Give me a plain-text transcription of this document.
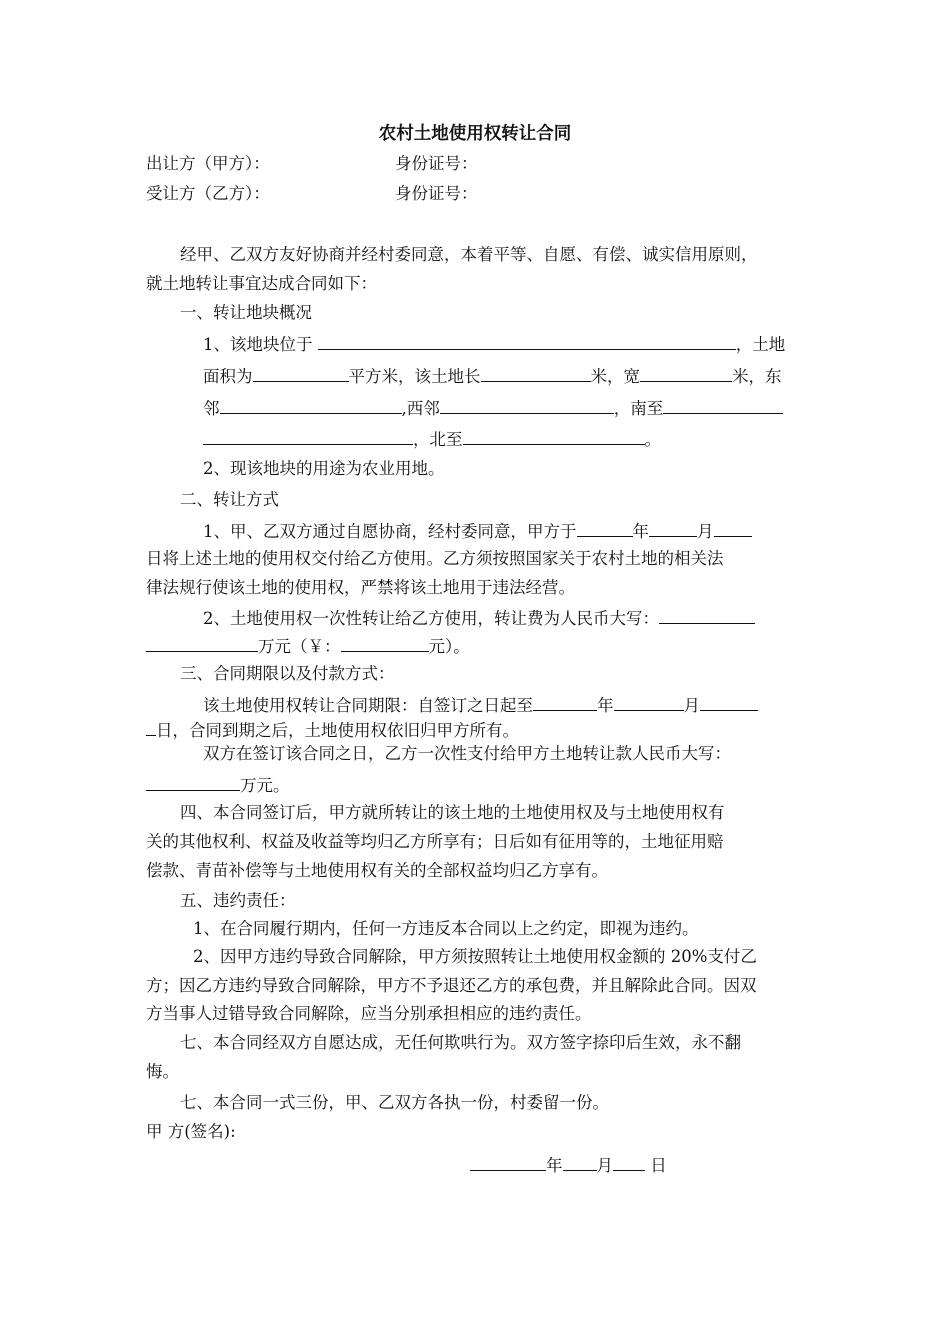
农村土地使用权转让合同
出让方（甲方）：	身份证号：
受让方（乙方）：	身份证号：
经甲、乙双方友好协商并经村委同意，本着平等、自愿、有偿、诚实信用原则，
就土地转让事宜达成合同如下：
一、转让地块概况
1、该地块位于	，土地
面积为	平方米，该土地长	米，宽	米，东
邻	,西邻	，南至
，北至	。
2、现该地块的用途为农业用地。
二、转让方式
1、甲、乙双方通过自愿协商，经村委同意，甲方于	年	月
日将上述土地的使用权交付给乙方使用。乙方须按照国家关于农村土地的相关法
律法规行使该土地的使用权，严禁将该土地用于违法经营。
2、土地使用权一次性转让给乙方使用，转让费为人民币大写：
万元（￥：	元）。
三、合同期限以及付款方式：
该土地使用权转让合同期限：自签订之日起至	年	月
日，合同到期之后，土地使用权依旧归甲方所有。
双方在签订该合同之日，乙方一次性支付给甲方土地转让款人民币大写：
万元。
四、本合同签订后，甲方就所转让的该土地的土地使用权及与土地使用权有
关的其他权利、权益及收益等均归乙方所享有；日后如有征用等的，土地征用赔
偿款、青苗补偿等与土地使用权有关的全部权益均归乙方享有。
五、违约责任：
1、在合同履行期内，任何一方违反本合同以上之约定，即视为违约。
2、因甲方违约导致合同解除，甲方须按照转让土地使用权金额的 20%支付乙
方；因乙方违约导致合同解除，甲方不予退还乙方的承包费，并且解除此合同。因双
方当事人过错导致合同解除，应当分别承担相应的违约责任。
七、本合同经双方自愿达成，无任何欺哄行为。双方签字捺印后生效，永不翻
悔。
七、本合同一式三份，甲、乙双方各执一份，村委留一份。
甲 方(签名):
年 月 日
